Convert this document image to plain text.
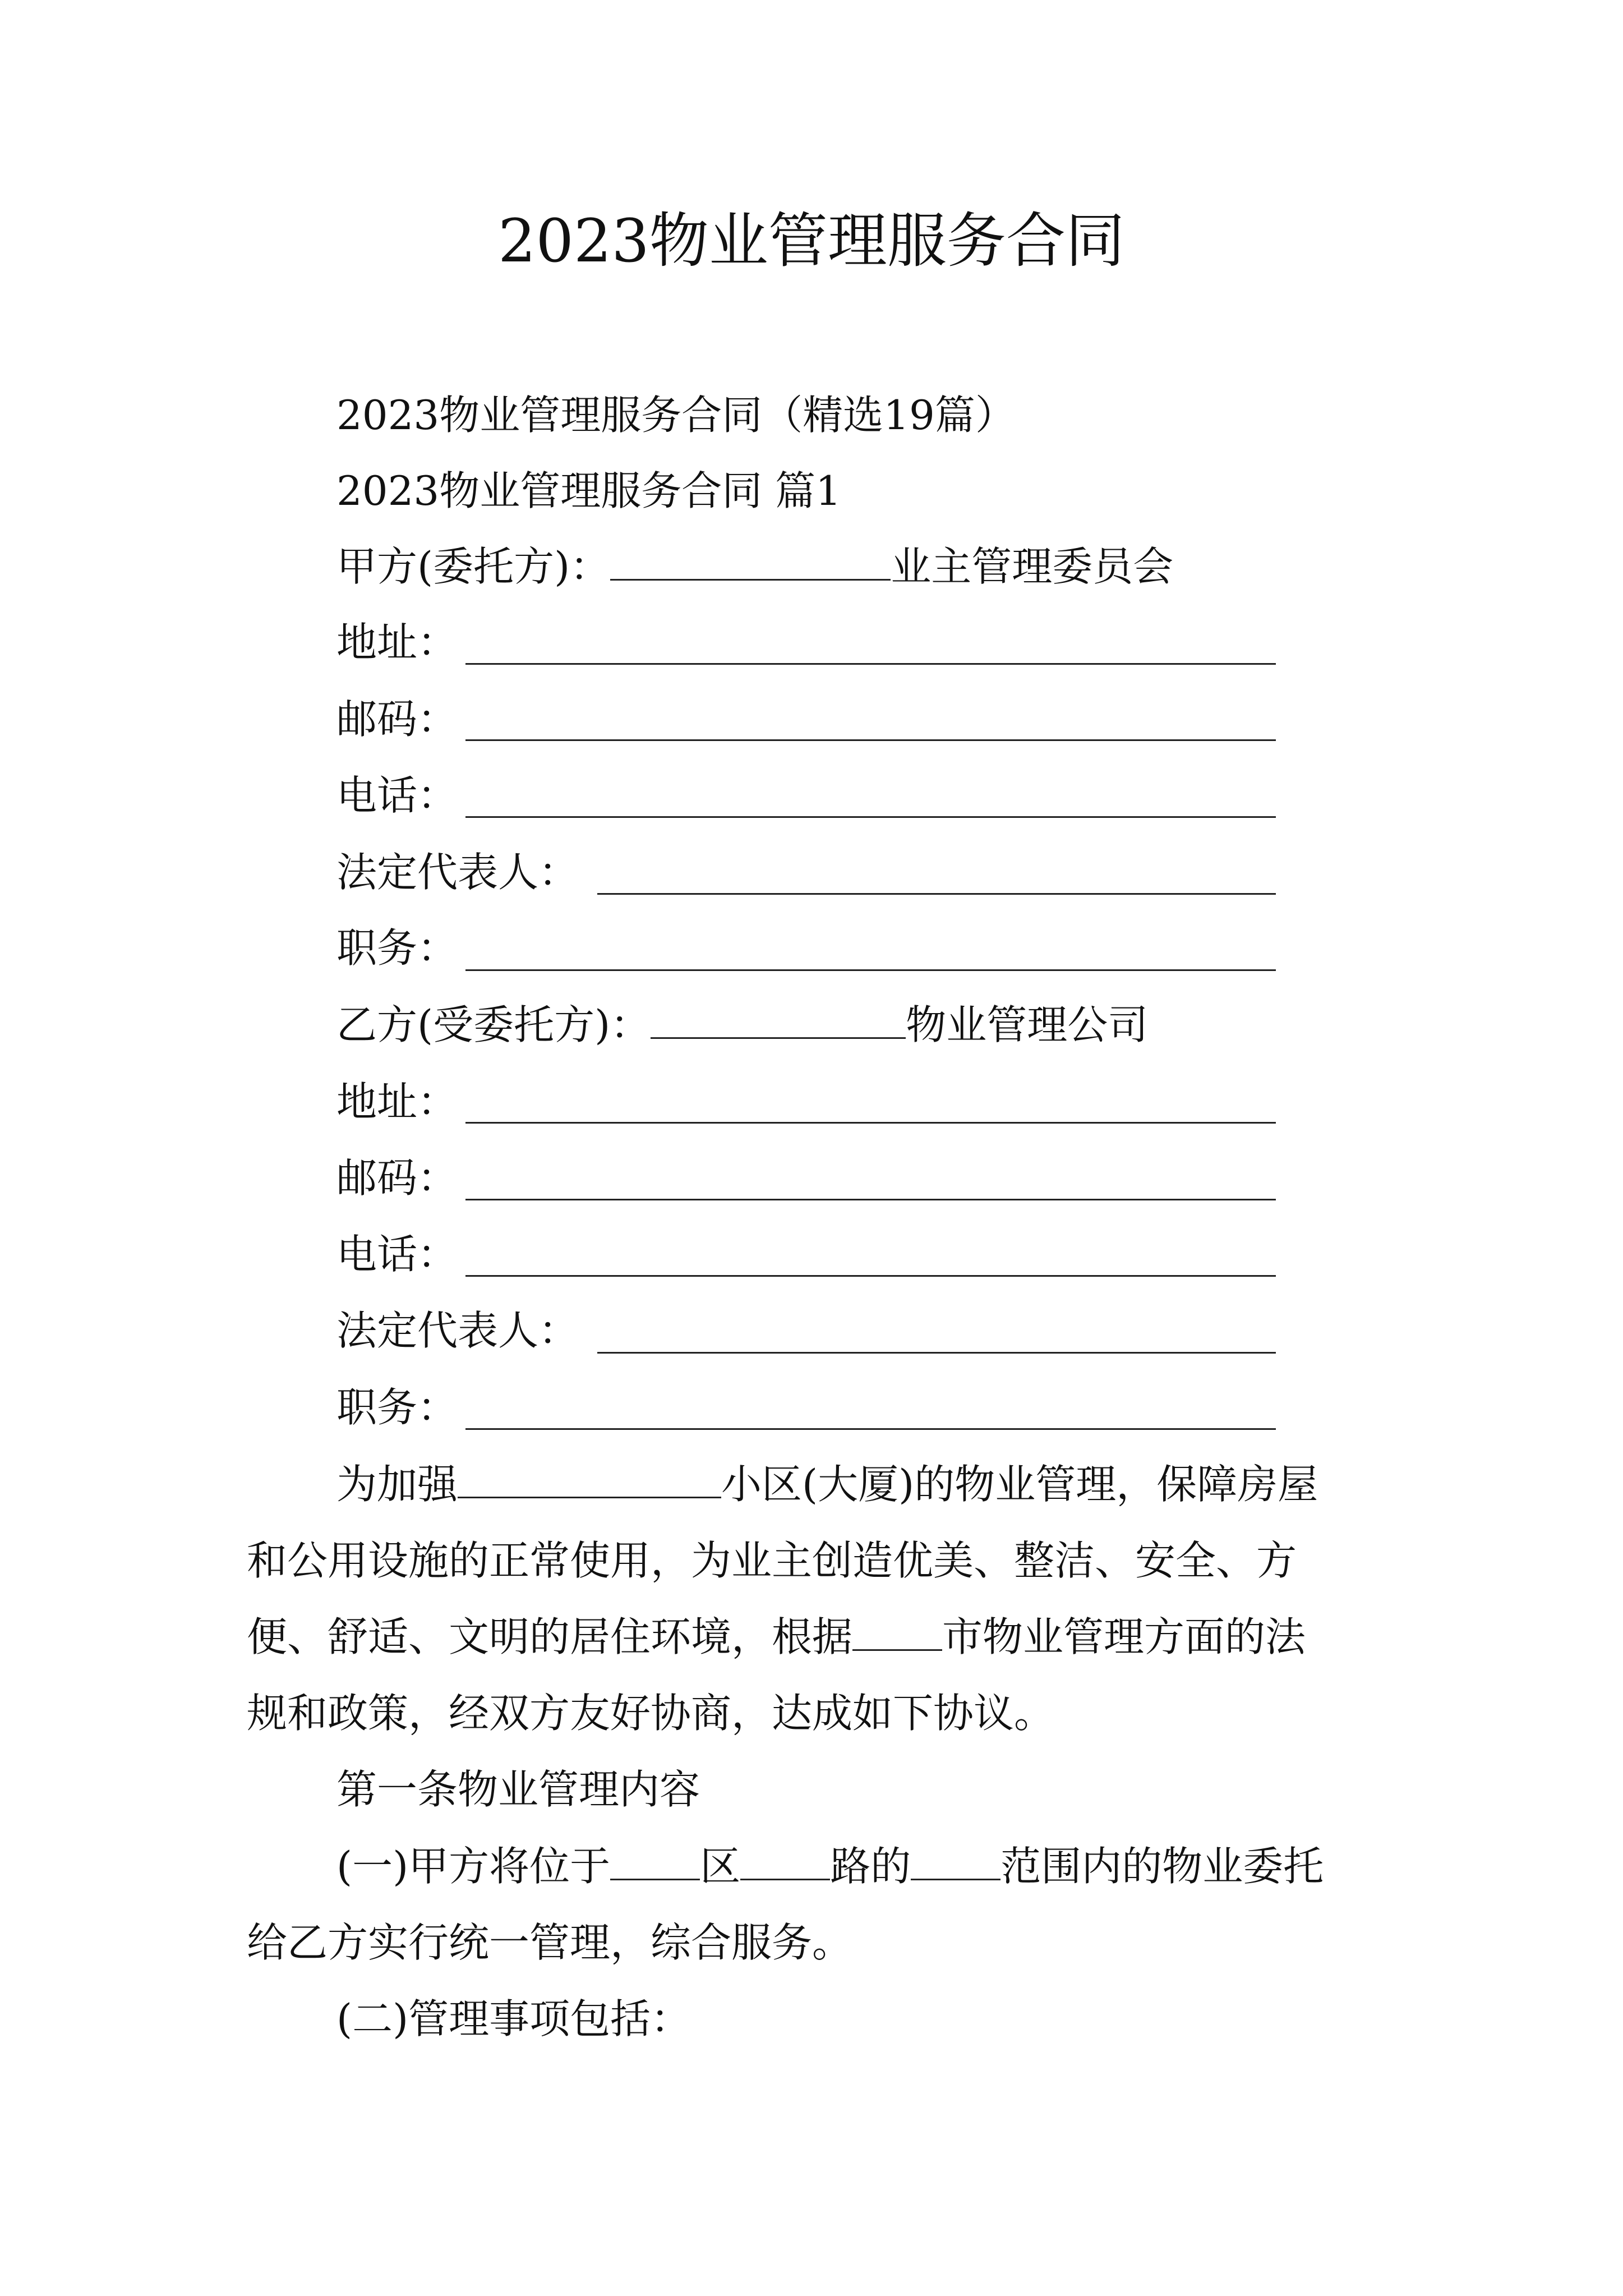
2023物业管理服务合同
2023物业管理服务合同（精选19篇）
2023物业管理服务合同 篇1
甲方(委托方)：	业主管理委员会
地址：
邮码：
电话：
法定代表人：
职务：
乙方(受委托方)：	物业管理公司
地址：
邮码：
电话：
法定代表人：
职务：
为加强	小区(大厦)的物业管理，保障房屋
和公用设施的正常使用，为业主创造优美、整洁、安全、方
便、舒适、文明的居住环境，根据 市物业管理方面的法
规和政策，经双方友好协商，达成如下协议。
第一条物业管理内容
(一)甲方将位于 区 路的 范围内的物业委托
给乙方实行统一管理，综合服务。
(二)管理事项包括：
